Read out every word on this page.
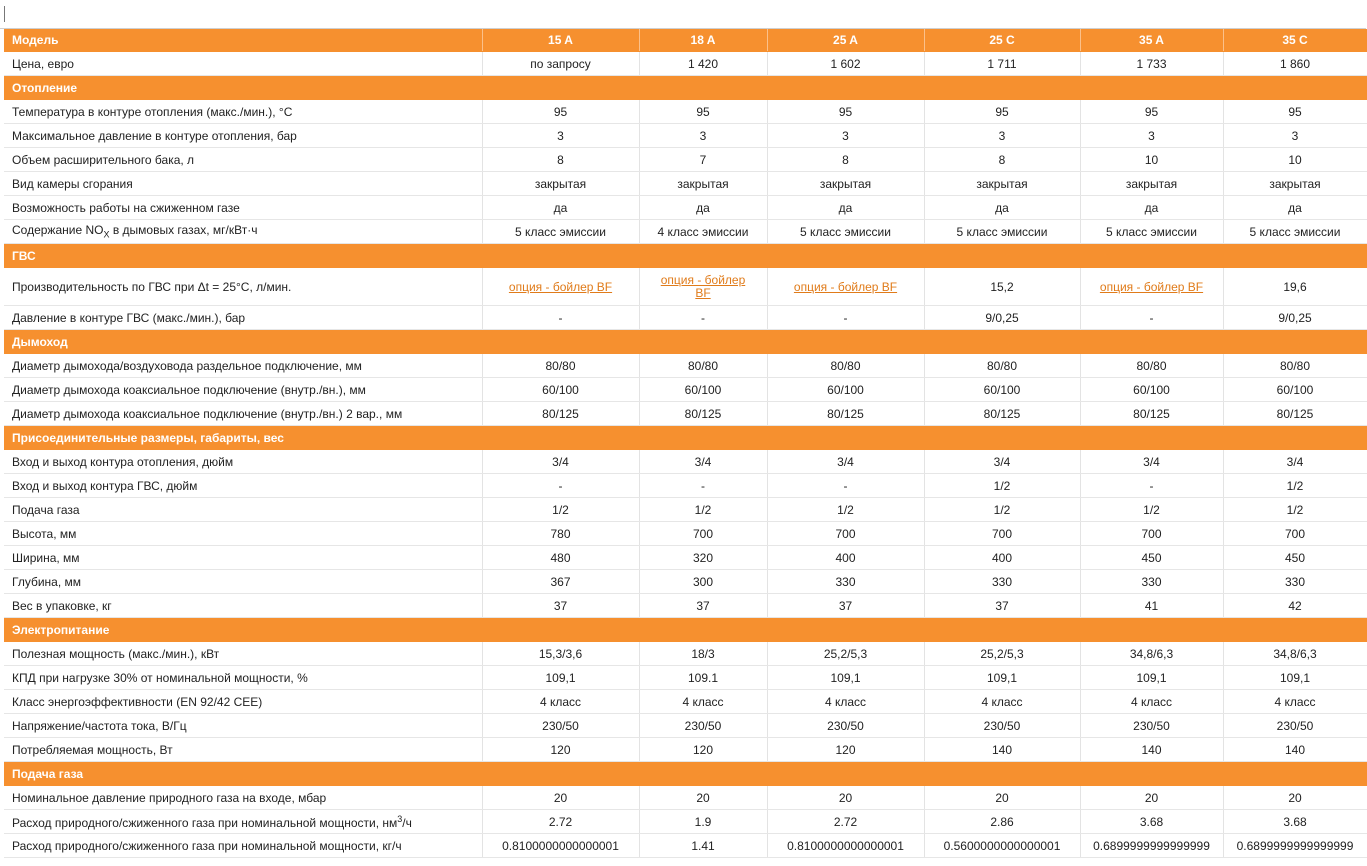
Модель	15 A	18 A	25 A	25 C	35 A	35 C
Цена, евро	по запросу	1 420	1 602	1 711	1 733	1 860
Отопление						
Температура в контуре отопления (макс./мин.), °С	95	95	95	95	95	95
Максимальное давление в контуре отопления, бар	3	3	3	3	3	3
Объем расширительного бака, л	8	7	8	8	10	10
Вид камеры сгорания	закрытая	закрытая	закрытая	закрытая	закрытая	закрытая
Возможность работы на сжиженном газе	да	да	да	да	да	да
Содержание $NO_X$ в дымовых газах, мг/кВт·ч	5 класс эмиссии	4 класс эмиссии	5 класс эмиссии	5 класс эмиссии	5 класс эмиссии	5 класс эмиссии
ГВС						
Производительность по ГВС при Δt = 25°C, л/мин.	опция - бойлер BF	опция - бойлер BF	опция - бойлер BF	15,2	опция - бойлер BF	19,6
Давление в контуре ГВС (макс./мин.), бар	-	-	-	9/0,25	-	9/0,25
Дымоход						
Диаметр дымохода/воздуховода раздельное подключение, мм	80/80	80/80	80/80	80/80	80/80	80/80
Диаметр дымохода коаксиальное подключение (внутр./вн.), мм	60/100	60/100	60/100	60/100	60/100	60/100
Диаметр дымохода коаксиальное подключение (внутр./вн.) 2 вар., мм	80/125	80/125	80/125	80/125	80/125	80/125
Присоединительные размеры, габариты, вес						
Вход и выход контура отопления, дюйм	3/4	3/4	3/4	3/4	3/4	3/4
Вход и выход контура ГВС, дюйм	-	-	-	1/2	-	1/2
Подача газа	1/2	1/2	1/2	1/2	1/2	1/2
Высота, мм	780	700	700	700	700	700
Ширина, мм	480	320	400	400	450	450
Глубина, мм	367	300	330	330	330	330
Вес в упаковке, кг	37	37	37	37	41	42
Электропитание						
Полезная мощность (макс./мин.), кВт	15,3/3,6	18/3	25,2/5,3	25,2/5,3	34,8/6,3	34,8/6,3
КПД при нагрузке 30% от номинальной мощности, %	109,1	109.1	109,1	109,1	109,1	109,1
Класс энергоэффективности (EN 92/42 CEE)	4 класс	4 класс	4 класс	4 класс	4 класс	4 класс
Напряжение/частота тока, В/Гц	230/50	230/50	230/50	230/50	230/50	230/50
Потребляемая мощность, Вт	120	120	120	140	140	140
Подача газа						
Номинальное давление природного газа на входе, мбар	20	20	20	20	20	20
Расход природного/сжиженного газа при номинальной мощности, $нм^3/ч$	2.72	1.9	2.72	2.86	3.68	3.68
Расход природного/сжиженного газа при номинальной мощности, кг/ч	0.8100000000000001	1.41	0.8100000000000001	0.5600000000000001	0.6899999999999999	0.6899999999999999
